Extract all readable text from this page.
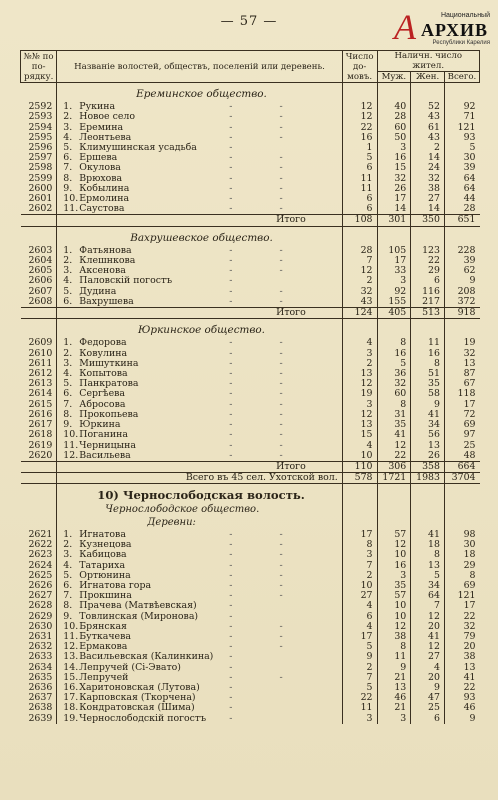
— 57 —	А	Национальный
АРХИВ
Республики Карелия
№№ по по-рядку.	Названіе волостей, обществъ, поселеній или деревень.	Число до-мовъ.	Наличн. число жител.		
			Муж.	Жен.	Всего.
	Ереминское общество.				
2592	1. Рукина - -	12	40	52	92
2593	2. Новое село - -	12	28	43	71
2594	3. Еремина - -	22	60	61	121
2595	4. Леонтьева - -	16	50	43	93
2596	5. Климушинская усадьба -	1	3	2	5
2597	6. Ершева - -	5	16	14	30
2598	7. Окулова - -	6	15	24	39
2599	8. Врюхова - -	11	32	32	64
2600	9. Кобылина - -	11	26	38	64
2601	10.Ермолина - -	6	17	27	44
2602	11.Саустова - -	6	14	14	28
	Итого	108	301	350	651
	Вахрушевское общество.				
2603	1. Фатьянова - -	28	105	123	228
2604	2. Клешнкова - -	7	17	22	39
2605	3. Аксенова - -	12	33	29	62
2606	4. Паловскій погостъ -	2	3	6	9
2607	5. Дудина - -	32	92	116	208
2608	6. Вахрушева - -	43	155	217	372
	Итого	124	405	513	918
	Юркинское общество.				
2609	1. Федорова - -	4	8	11	19
2610	2. Ковулина - -	3	16	16	32
2611	3. Мишуткина - -	2	5	8	13
2612	4. Копытова - -	13	36	51	87
2613	5. Панкратова - -	12	32	35	67
2614	6. Сергѣева - -	19	60	58	118
2615	7. Абросова - -	3	8	9	17
2616	8. Прокопьева - -	12	31	41	72
2617	9. Юркина - -	13	35	34	69
2618	10.Поганина - -	15	41	56	97
2619	11.Черницына - -	4	12	13	25
2620	12.Васильева - -	10	22	26	48
	Итого	110	306	358	664
	Всего въ 45 сел. Ухотской вол.	578	1721	1983	3704
	10) Чернослободская волость.				
	Чернослободское общество.				
	Деревни:				
2621	1. Игнатова - -	17	57	41	98
2622	2. Кузнецова - -	8	12	18	30
2623	3. Кабицова - -	3	10	8	18
2624	4. Татариха - -	7	16	13	29
2625	5. Ортюнина - -	2	3	5	8
2626	6. Игнатова гора - -	10	35	34	69
2627	7. Прокшина - -	27	57	64	121
2628	8. Прачева (Матвѣевская) -	4	10	7	17
2629	9. Товлинская (Миронова) -	6	10	12	22
2630	10.Брянская - -	4	12	20	32
2631	11.Буткачева - -	17	38	41	79
2632	12.Ермакова - -	5	8	12	20
2633	13.Васильевская (Калинкина) -	9	11	27	38
2634	14.Лепручей (Сi-Эвато) -	2	9	4	13
2635	15.Лепручей - -	7	21	20	41
2636	16.Харитоновская (Лутова) -	5	13	9	22
2637	17.Карповская (Ткорчена) -	22	46	47	93
2638	18.Кондратовская (Шима) -	11	21	25	46
2639	19.Чернослободскій погостъ -	3	3	6	9
